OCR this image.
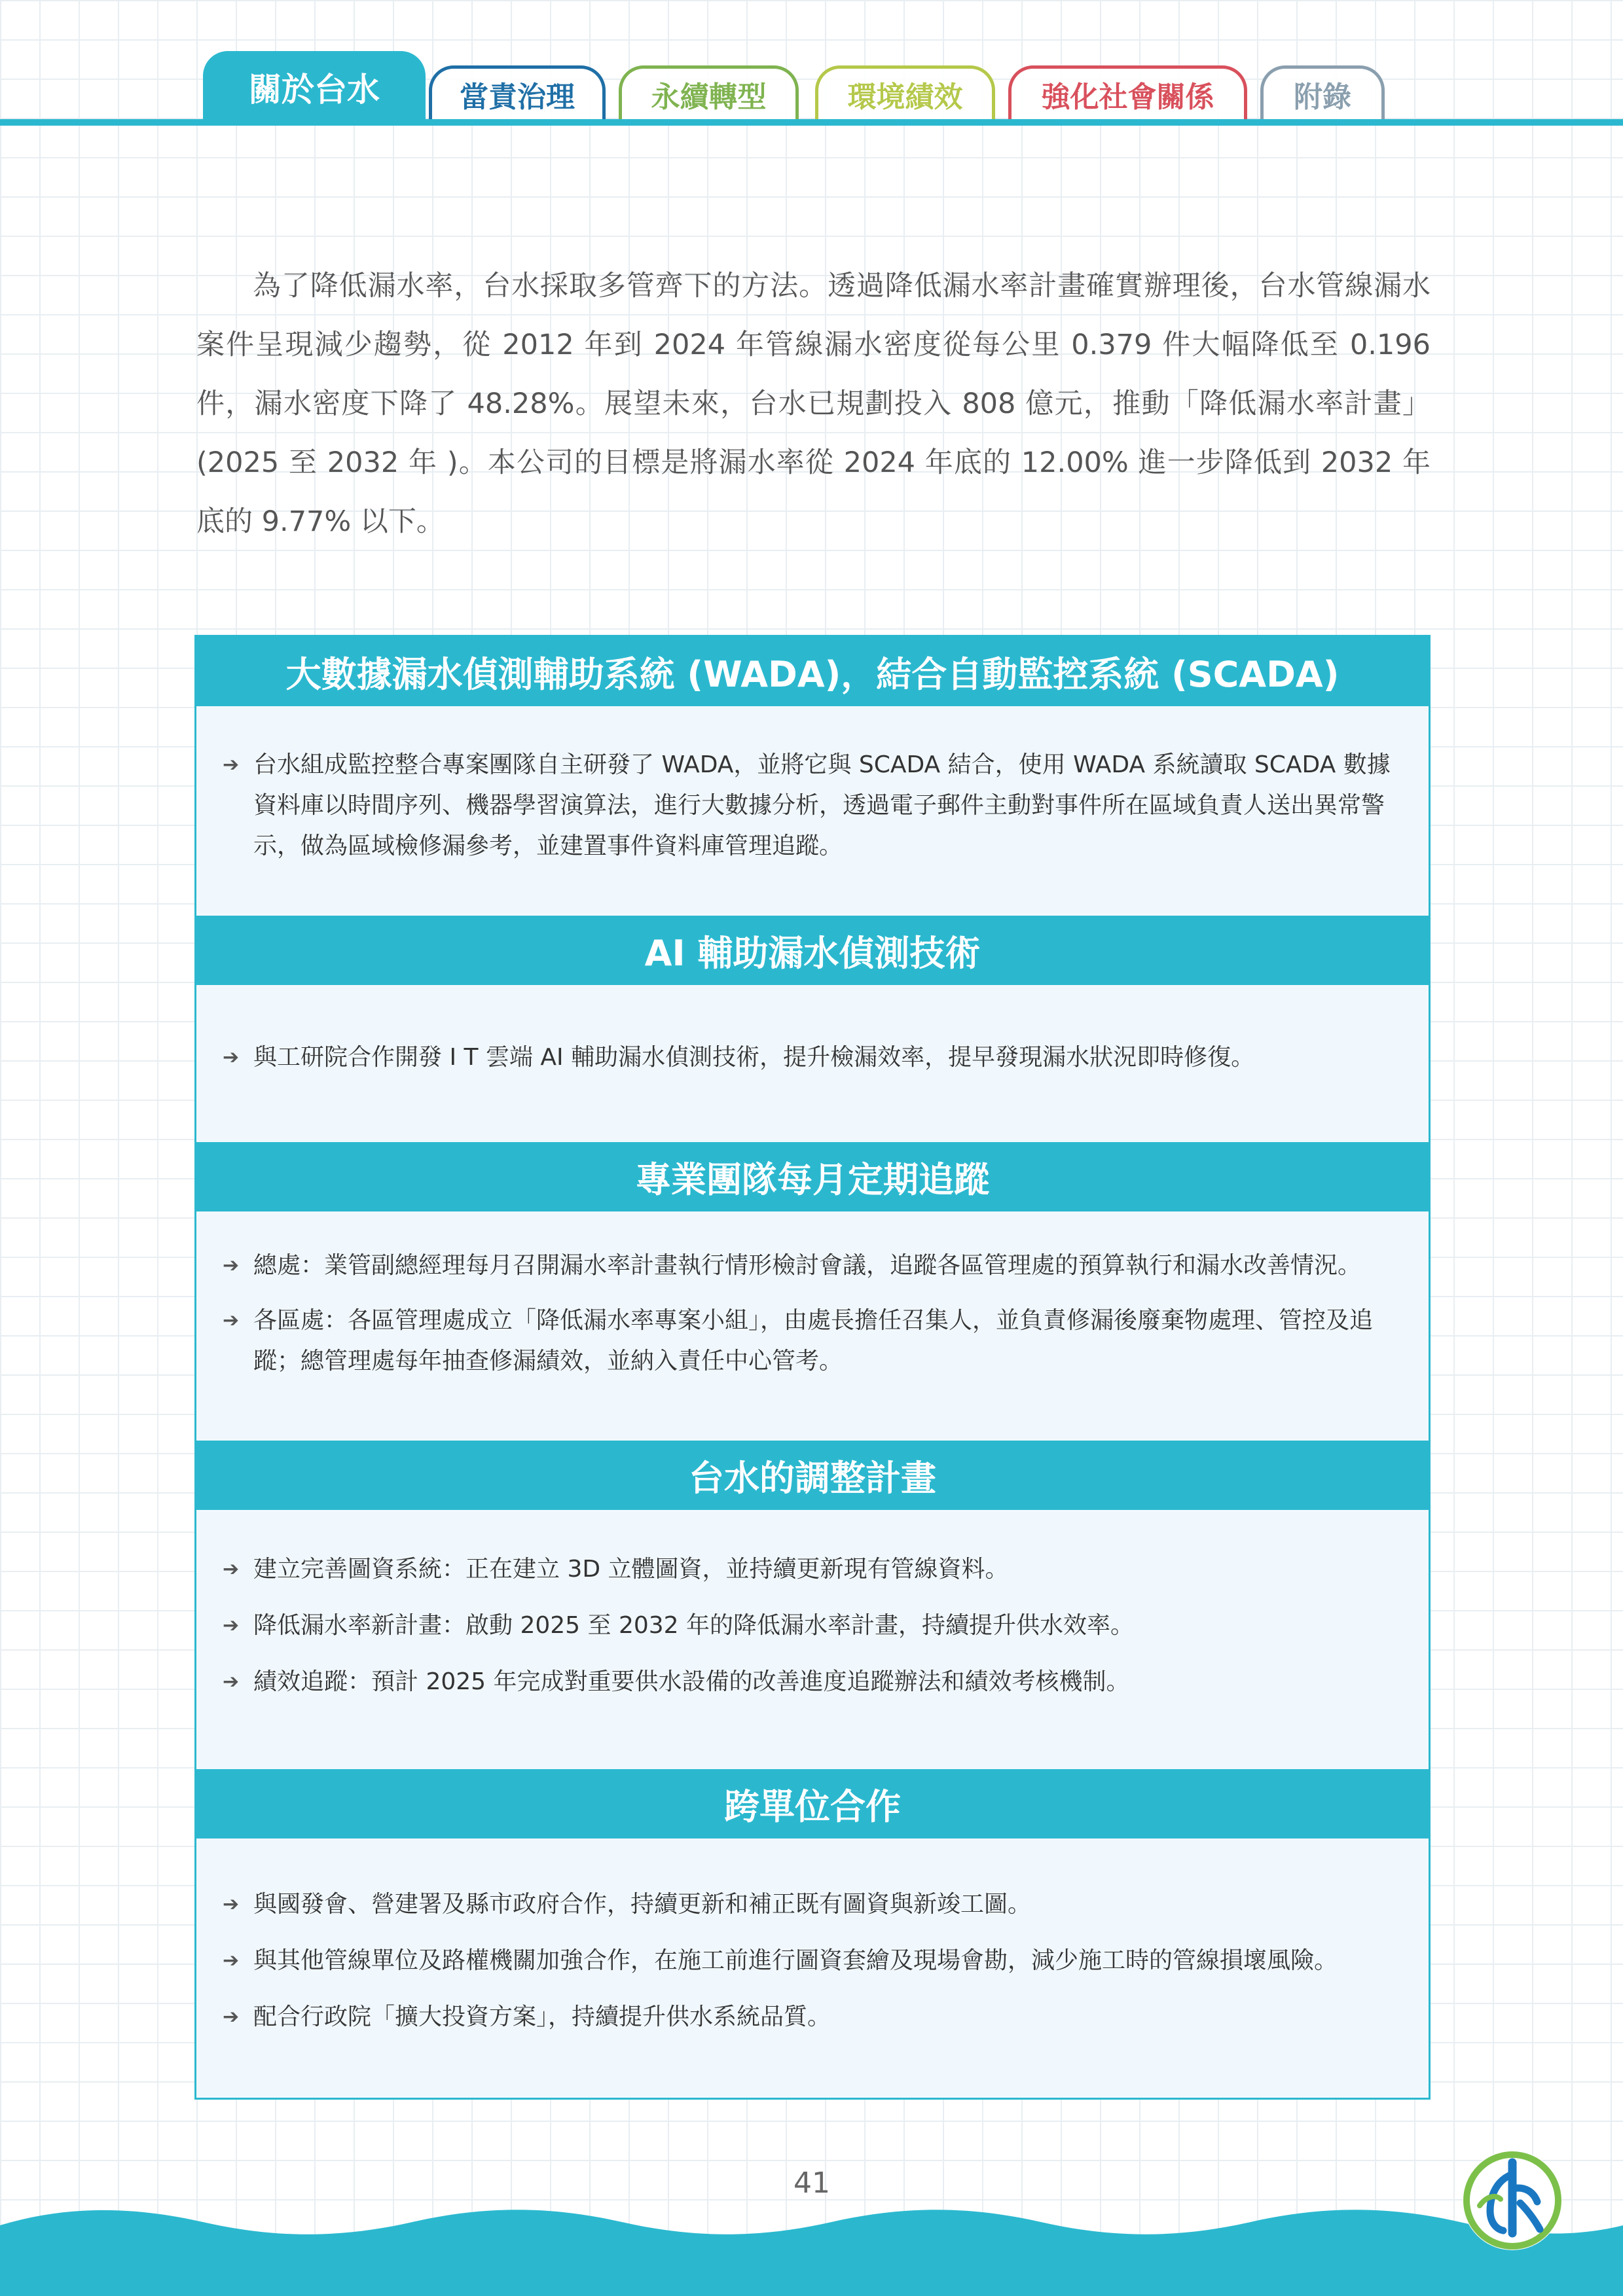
關於台水	當責治理	永續轉型	環境績效	強化社會關係	附錄

為了降低漏水率，台水採取多管齊下的方法。透過降低漏水率計畫確實辦理後，台水管線漏水案件呈現減少趨勢，從 2012 年到 2024 年管線漏水密度從每公里 0.379 件大幅降低至 0.196 件，漏水密度下降了 48.28%。展望未來，台水已規劃投入 808 億元，推動「降低漏水率計畫」(2025 至 2032 年 )。本公司的目標是將漏水率從 2024 年底的 12.00% 進一步降低到 2032 年底的 9.77% 以下。

大數據漏水偵測輔助系統 (WADA)，結合自動監控系統 (SCADA)
➔ 台水組成監控整合專案團隊自主研發了 WADA，並將它與 SCADA 結合，使用 WADA 系統讀取 SCADA 數據資料庫以時間序列、機器學習演算法，進行大數據分析，透過電子郵件主動對事件所在區域負責人送出異常警示，做為區域檢修漏參考，並建置事件資料庫管理追蹤。
AI 輔助漏水偵測技術
➔ 與工研院合作開發 I T 雲端 AI 輔助漏水偵測技術，提升檢漏效率，提早發現漏水狀況即時修復。
專業團隊每月定期追蹤
➔ 總處：業管副總經理每月召開漏水率計畫執行情形檢討會議，追蹤各區管理處的預算執行和漏水改善情況。
➔ 各區處：各區管理處成立「降低漏水率專案小組」，由處長擔任召集人，並負責修漏後廢棄物處理、管控及追蹤；總管理處每年抽查修漏績效，並納入責任中心管考。
台水的調整計畫
➔ 建立完善圖資系統：正在建立 3D 立體圖資，並持續更新現有管線資料。
➔ 降低漏水率新計畫：啟動 2025 至 2032 年的降低漏水率計畫，持續提升供水效率。
➔ 績效追蹤：預計 2025 年完成對重要供水設備的改善進度追蹤辦法和績效考核機制。
跨單位合作
➔ 與國發會、營建署及縣市政府合作，持續更新和補正既有圖資與新竣工圖。
➔ 與其他管線單位及路權機關加強合作，在施工前進行圖資套繪及現場會勘，減少施工時的管線損壞風險。
➔ 配合行政院「擴大投資方案」，持續提升供水系統品質。
41
